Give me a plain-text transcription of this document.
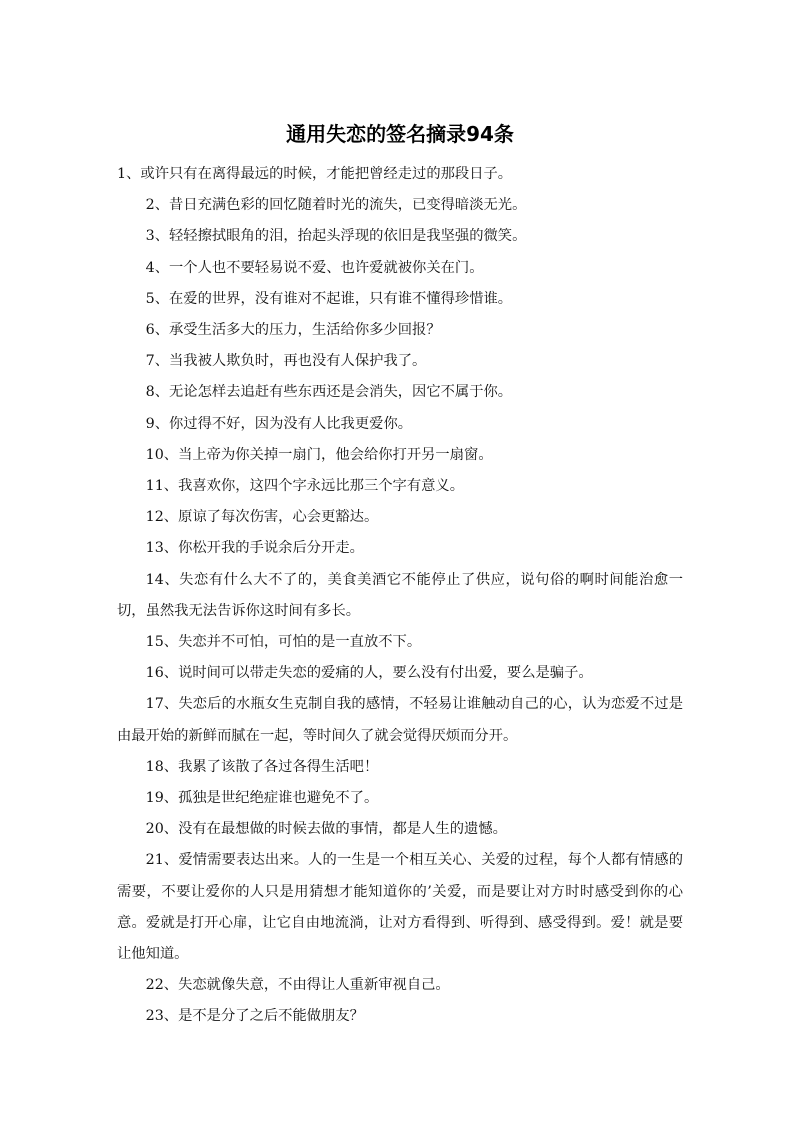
通用失恋的签名摘录94条

1、或许只有在离得最远的时候，才能把曾经走过的那段日子。

2、昔日充满色彩的回忆随着时光的流失，已变得暗淡无光。

3、轻轻擦拭眼角的泪，抬起头浮现的依旧是我坚强的微笑。

4、一个人也不要轻易说不爱、也许爱就被你关在门。

5、在爱的世界，没有谁对不起谁，只有谁不懂得珍惜谁。

6、承受生活多大的压力，生活给你多少回报？

7、当我被人欺负时，再也没有人保护我了。

8、无论怎样去追赶有些东西还是会消失，因它不属于你。

9、你过得不好，因为没有人比我更爱你。

10、当上帝为你关掉一扇门，他会给你打开另一扇窗。

11、我喜欢你，这四个字永远比那三个字有意义。

12、原谅了每次伤害，心会更豁达。

13、你松开我的手说余后分开走。

14、失恋有什么大不了的，美食美酒它不能停止了供应，说句俗的啊时间能治愈一切，虽然我无法告诉你这时间有多长。

15、失恋并不可怕，可怕的是一直放不下。

16、说时间可以带走失恋的爱痛的人，要么没有付出爱，要么是骗子。

17、失恋后的水瓶女生克制自我的感情，不轻易让谁触动自己的心，认为恋爱不过是由最开始的新鲜而腻在一起，等时间久了就会觉得厌烦而分开。

18、我累了该散了各过各得生活吧！

19、孤独是世纪绝症谁也避免不了。

20、没有在最想做的时候去做的事情，都是人生的遗憾。

21、爱情需要表达出来。人的一生是一个相互关心、关爱的过程，每个人都有情感的需要，不要让爱你的人只是用猜想才能知道你的’关爱，而是要让对方时时感受到你的心意。爱就是打开心扉，让它自由地流淌，让对方看得到、听得到、感受得到。爱！就是要让他知道。

22、失恋就像失意，不由得让人重新审视自己。

23、是不是分了之后不能做朋友？
